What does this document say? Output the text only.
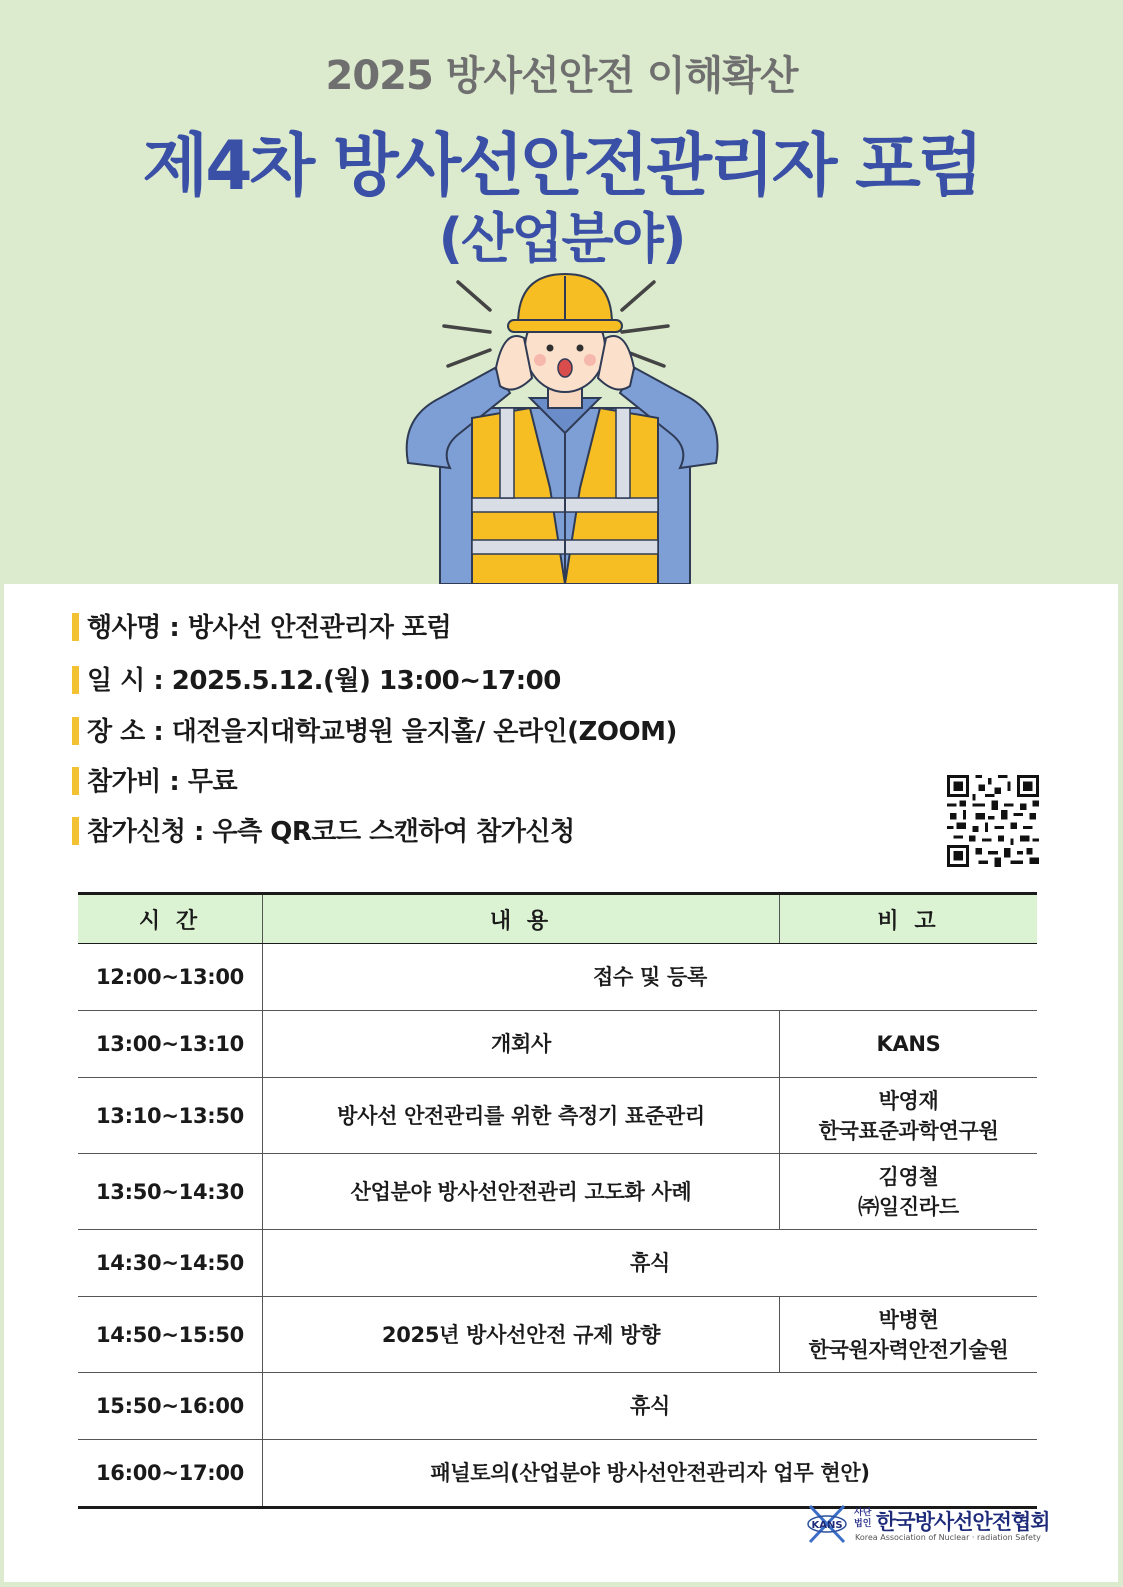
2025 방사선안전 이해확산
제4차 방사선안전관리자 포럼
(산업분야)
행사명 : 방사선 안전관리자 포럼
일 시 : 2025.5.12.(월) 13:00~17:00
장 소 : 대전을지대학교병원 을지홀/ 온라인(ZOOM)
참가비 : 무료
참가신청 : 우측 QR코드 스캔하여 참가신청
시 간	내 용	비 고
12:00~13:00	접수 및 등록	
13:00~13:10	개회사	KANS
13:10~13:50	방사선 안전관리를 위한 측정기 표준관리	박영재
한국표준과학연구원

13:50~14:30	산업분야 방사선안전관리 고도화 사례	김영철
㈜일진라드

14:30~14:50	휴식	
14:50~15:50	2025년 방사선안전 규제 방향	박병현
한국원자력안전기술원

15:50~16:00	휴식	
16:00~17:00	패널토의(산업분야 방사선안전관리자 업무 현안)	
KANS
사단
법인 한국방사선안전협회
Korea Association of Nuclear · radiation Safety
